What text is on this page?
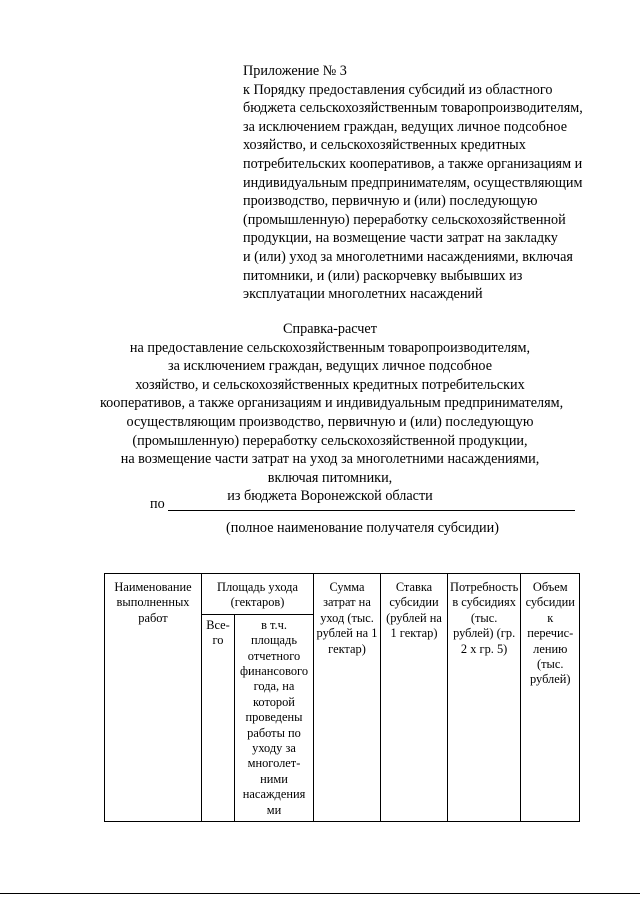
Приложение № 3
к Порядку предоставления субсидий из областного
бюджета сельскохозяйственным товаропроизводителям,
за исключением граждан, ведущих личное подсобное
хозяйство, и сельскохозяйственных кредитных
потребительских кооперативов, а также организациям и
индивидуальным предпринимателям, осуществляющим
производство, первичную и (или) последующую
(промышленную) переработку сельскохозяйственной
продукции, на возмещение части затрат на закладку
и (или) уход за многолетними насаждениями, включая
питомники, и (или) раскорчевку выбывших из
эксплуатации многолетних насаждений
Справка-расчет
на предоставление сельскохозяйственным товаропроизводителям,
за исключением граждан, ведущих личное подсобное
хозяйство, и сельскохозяйственных кредитных потребительских
кооперативов, а также организациям и индивидуальным предпринимателям,
осуществляющим производство, первичную и (или) последующую
(промышленную) переработку сельскохозяйственной продукции,
на возмещение части затрат на уход за многолетними насаждениями,
включая питомники,
из бюджета Воронежской области
по
(полное наименование получателя субсидии)
Наименование выполненных работ	Площадь ухода (гектаров)		Сумма затрат на уход (тыс. рублей на 1 гектар)	Ставка субсидии (рублей на 1 гектар)	Потребность в субсидиях (тыс. рублей) (гр. 2 х гр. 5)	Объем субсидии к перечис-лению (тыс. рублей)
	Все-го	в т.ч. площадь отчетного финансового года, на которой проведены работы по уходу за многолет-ними насаждения ми				
